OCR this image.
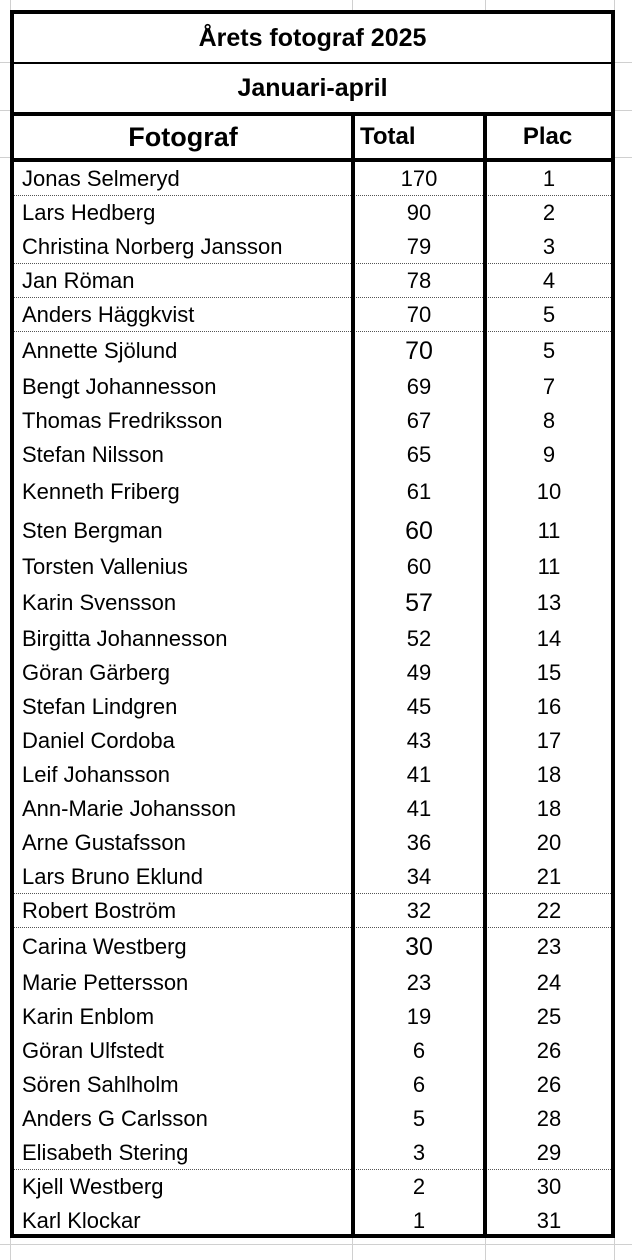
Årets fotograf 2025
Januari-april
Fotograf	Total	Plac
Jonas Selmeryd	170	1
Lars Hedberg	90	2
Christina Norberg Jansson	79	3
Jan Röman	78	4
Anders Häggkvist	70	5
Annette Sjölund	70	5
Bengt Johannesson	69	7
Thomas Fredriksson	67	8
Stefan Nilsson	65	9
Kenneth Friberg	61	10
Sten Bergman	60	11
Torsten Vallenius	60	11
Karin Svensson	57	13
Birgitta Johannesson	52	14
Göran Gärberg	49	15
Stefan Lindgren	45	16
Daniel Cordoba	43	17
Leif Johansson	41	18
Ann-Marie Johansson	41	18
Arne Gustafsson	36	20
Lars Bruno Eklund	34	21
Robert Boström	32	22
Carina Westberg	30	23
Marie Pettersson	23	24
Karin Enblom	19	25
Göran Ulfstedt	6	26
Sören Sahlholm	6	26
Anders G Carlsson	5	28
Elisabeth Stering	3	29
Kjell Westberg	2	30
Karl Klockar	1	31
